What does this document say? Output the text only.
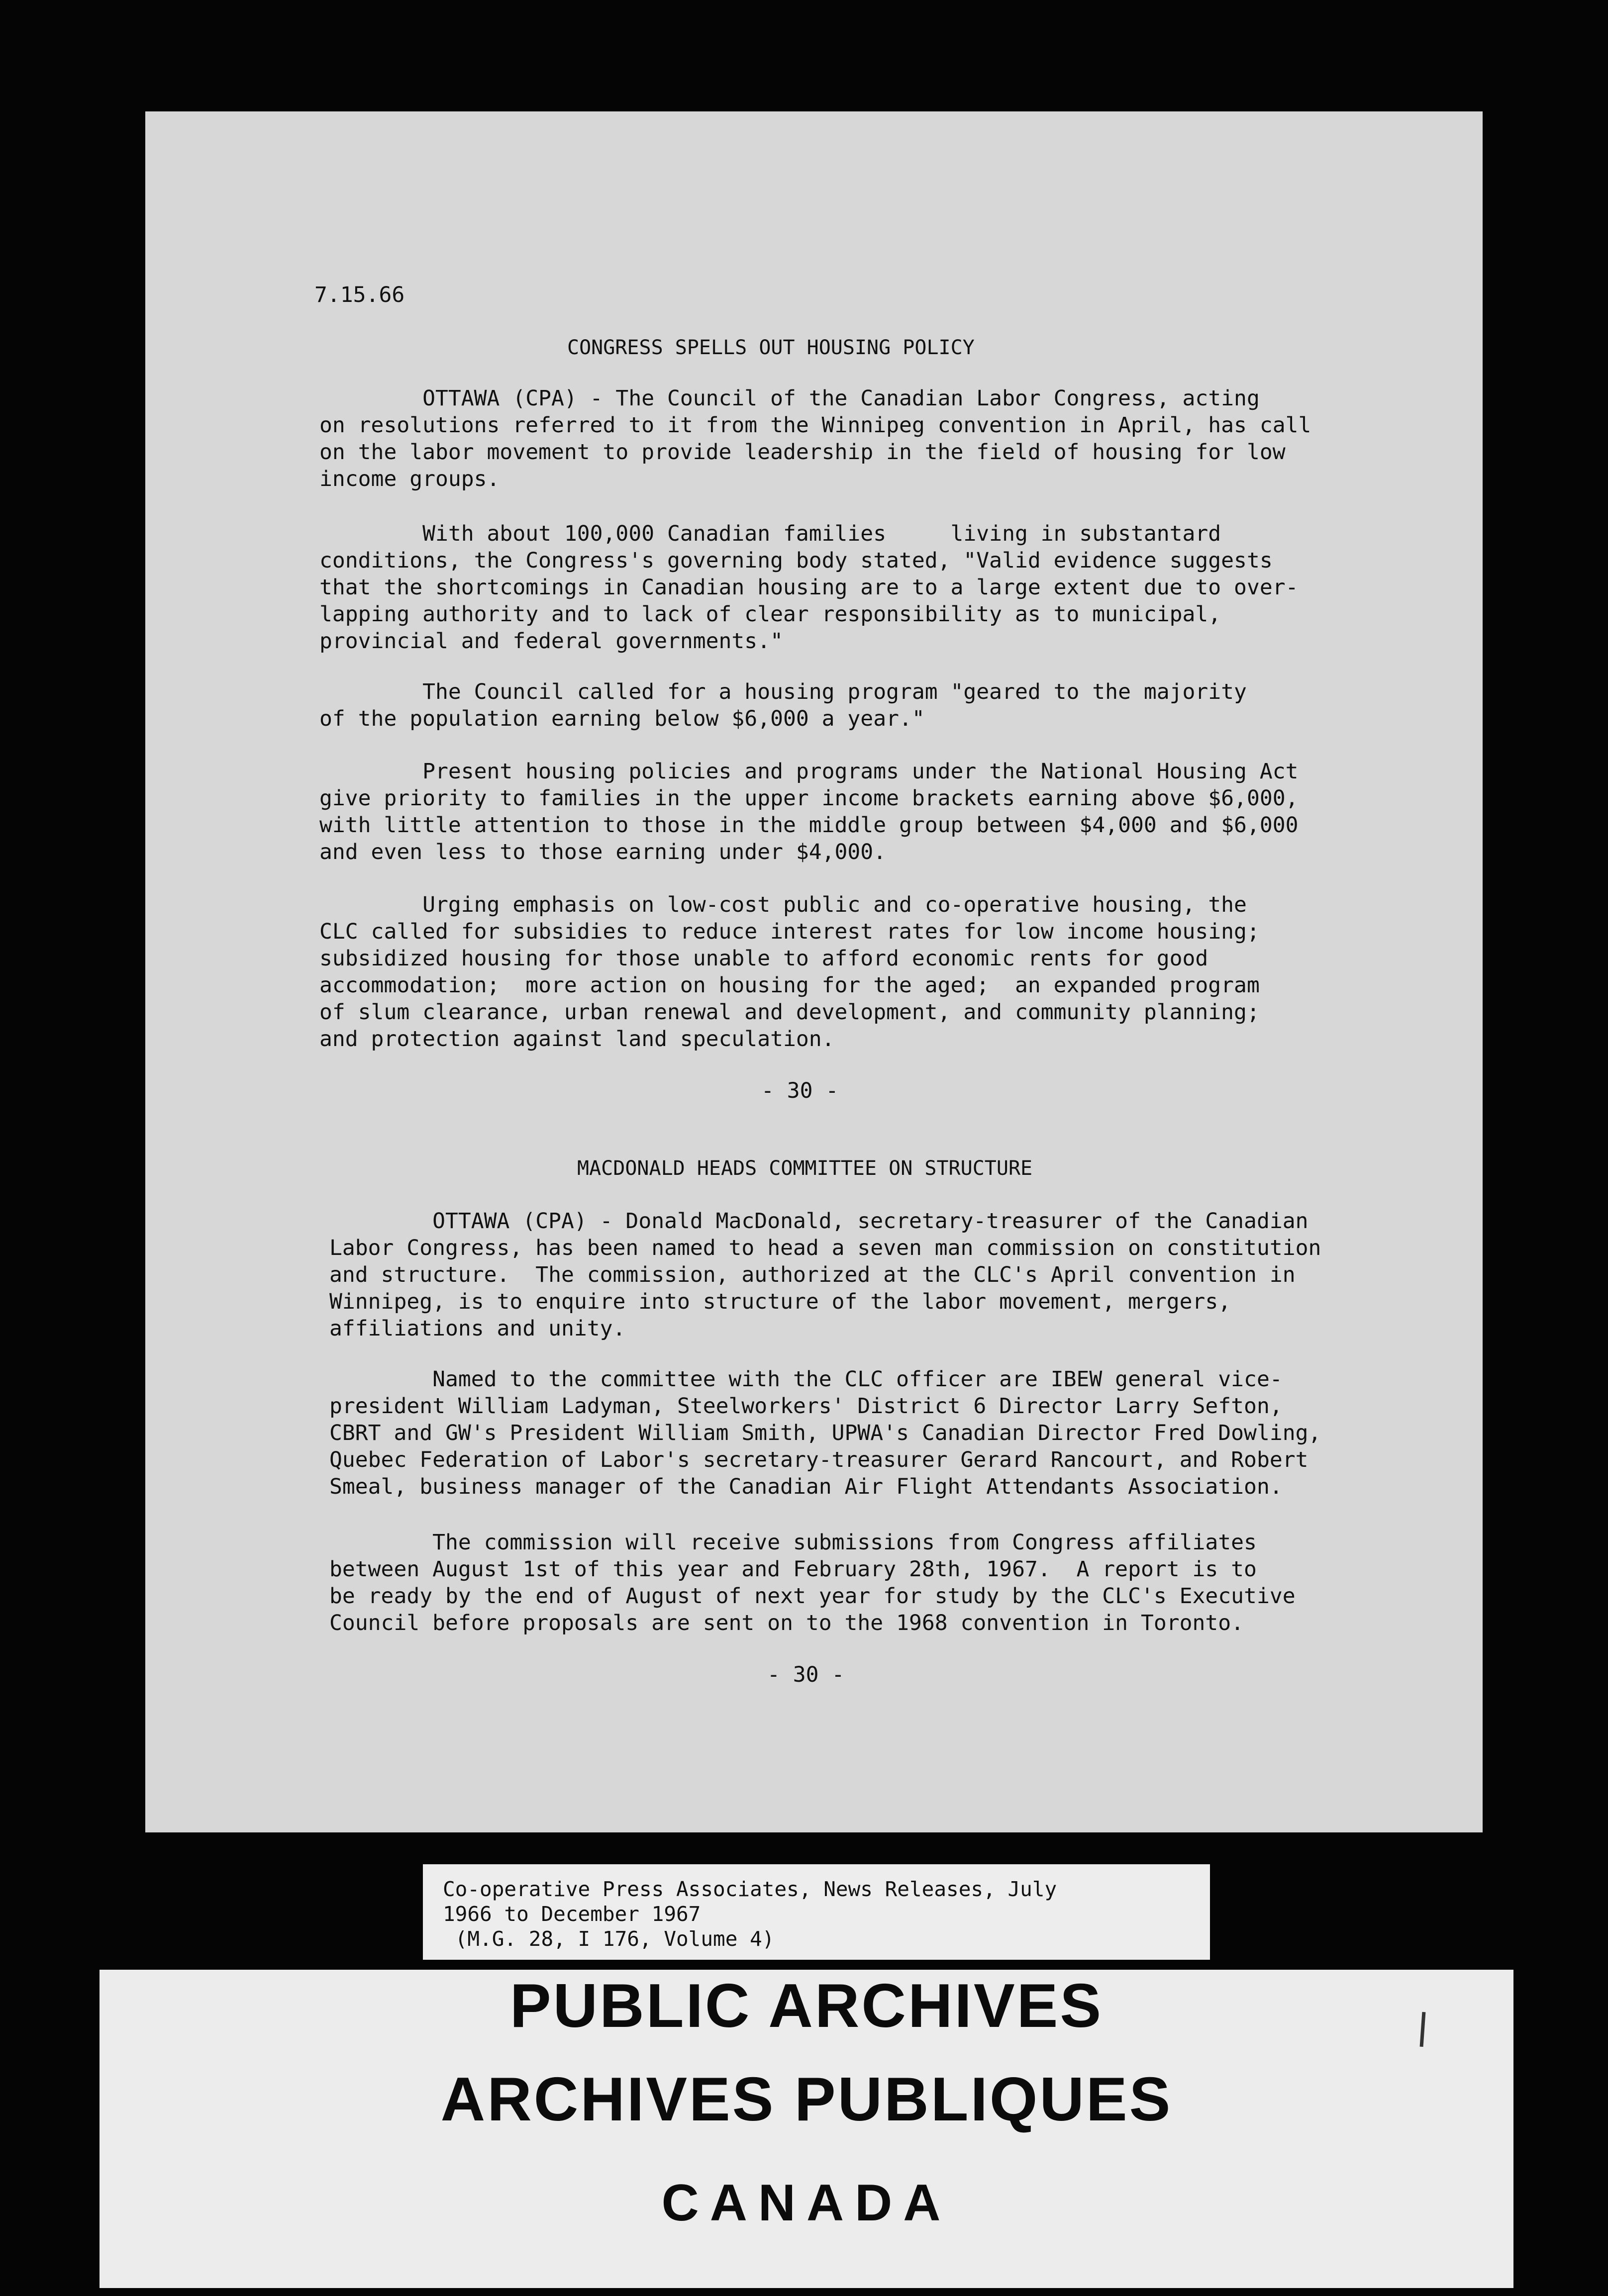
7.15.66

CONGRESS SPELLS OUT HOUSING POLICY

OTTAWA (CPA) - The Council of the Canadian Labor Congress, acting
on resolutions referred to it from the Winnipeg convention in April, has call
on the labor movement to provide leadership in the field of housing for low
income groups.

With about 100,000 Canadian families     living in substantard
conditions, the Congress's governing body stated, "Valid evidence suggests
that the shortcomings in Canadian housing are to a large extent due to over-
lapping authority and to lack of clear responsibility as to municipal,
provincial and federal governments."

The Council called for a housing program "geared to the majority
of the population earning below $6,000 a year."

Present housing policies and programs under the National Housing Act
give priority to families in the upper income brackets earning above $6,000,
with little attention to those in the middle group between $4,000 and $6,000
and even less to those earning under $4,000.

Urging emphasis on low-cost public and co-operative housing, the
CLC called for subsidies to reduce interest rates for low income housing;
subsidized housing for those unable to afford economic rents for good
accommodation;  more action on housing for the aged;  an expanded program
of slum clearance, urban renewal and development, and community planning;
and protection against land speculation.

- 30 -

MACDONALD HEADS COMMITTEE ON STRUCTURE

OTTAWA (CPA) - Donald MacDonald, secretary-treasurer of the Canadian
Labor Congress, has been named to head a seven man commission on constitution
and structure.  The commission, authorized at the CLC's April convention in
Winnipeg, is to enquire into structure of the labor movement, mergers,
affiliations and unity.

Named to the committee with the CLC officer are IBEW general vice-
president William Ladyman, Steelworkers' District 6 Director Larry Sefton,
CBRT and GW's President William Smith, UPWA's Canadian Director Fred Dowling,
Quebec Federation of Labor's secretary-treasurer Gerard Rancourt, and Robert
Smeal, business manager of the Canadian Air Flight Attendants Association.

The commission will receive submissions from Congress affiliates
between August 1st of this year and February 28th, 1967.  A report is to
be ready by the end of August of next year for study by the CLC's Executive
Council before proposals are sent on to the 1968 convention in Toronto.

- 30 -

Co-operative Press Associates, News Releases, July

1966 to December 1967

(M.G. 28, I 176, Volume 4)

PUBLIC ARCHIVES
ARCHIVES PUBLIQUES
CANADA
